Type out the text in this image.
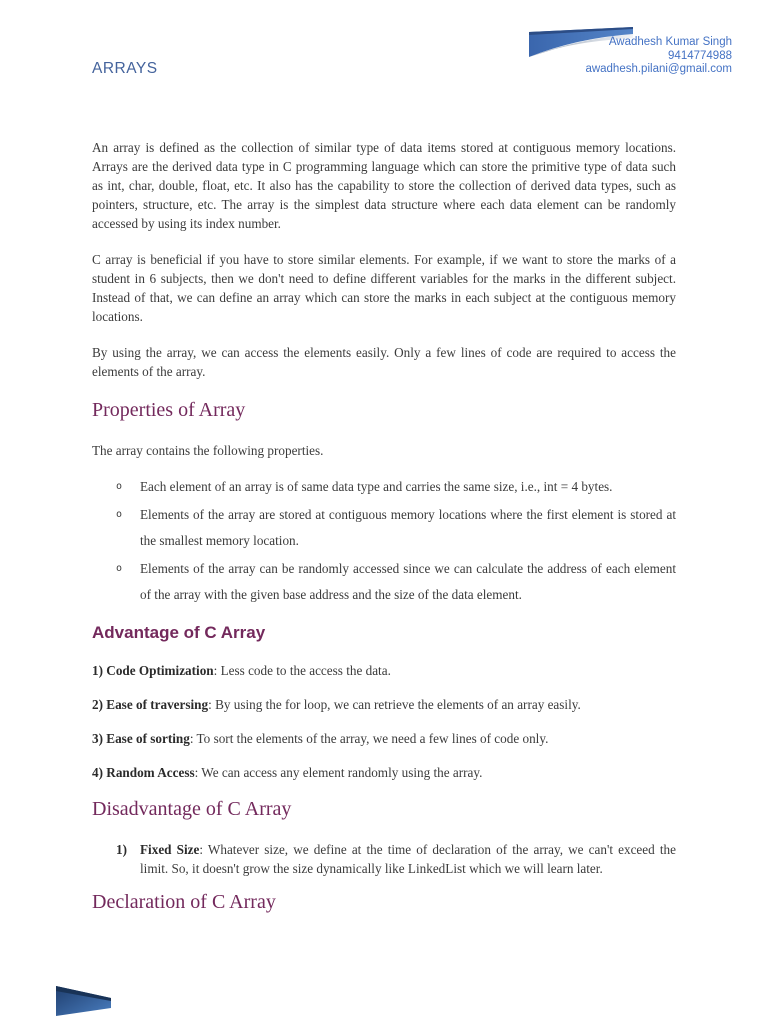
Awadhesh Kumar Singh
9414774988
awadhesh.pilani@gmail.com
ARRAYS

An array is defined as the collection of similar type of data items stored at contiguous memory locations. Arrays are the derived data type in C programming language which can store the primitive type of data such as int, char, double, float, etc. It also has the capability to store the collection of derived data types, such as pointers, structure, etc. The array is the simplest data structure where each data element can be randomly accessed by using its index number.

C array is beneficial if you have to store similar elements. For example, if we want to store the marks of a student in 6 subjects, then we don't need to define different variables for the marks in the different subject. Instead of that, we can define an array which can store the marks in each subject at the contiguous memory locations.

By using the array, we can access the elements easily. Only a few lines of code are required to access the elements of the array.

Properties of Array

The array contains the following properties.

o Each element of an array is of same data type and carries the same size, i.e., int = 4 bytes.
o Elements of the array are stored at contiguous memory locations where the first element is stored at the smallest memory location.
o Elements of the array can be randomly accessed since we can calculate the address of each element of the array with the given base address and the size of the data element.
Advantage of C Array

1) Code Optimization: Less code to the access the data.

2) Ease of traversing: By using the for loop, we can retrieve the elements of an array easily.

3) Ease of sorting: To sort the elements of the array, we need a few lines of code only.

4) Random Access: We can access any element randomly using the array.

Disadvantage of C Array
1) Fixed Size: Whatever size, we define at the time of declaration of the array, we can't exceed the limit. So, it doesn't grow the size dynamically like LinkedList which we will learn later.
Declaration of C Array
